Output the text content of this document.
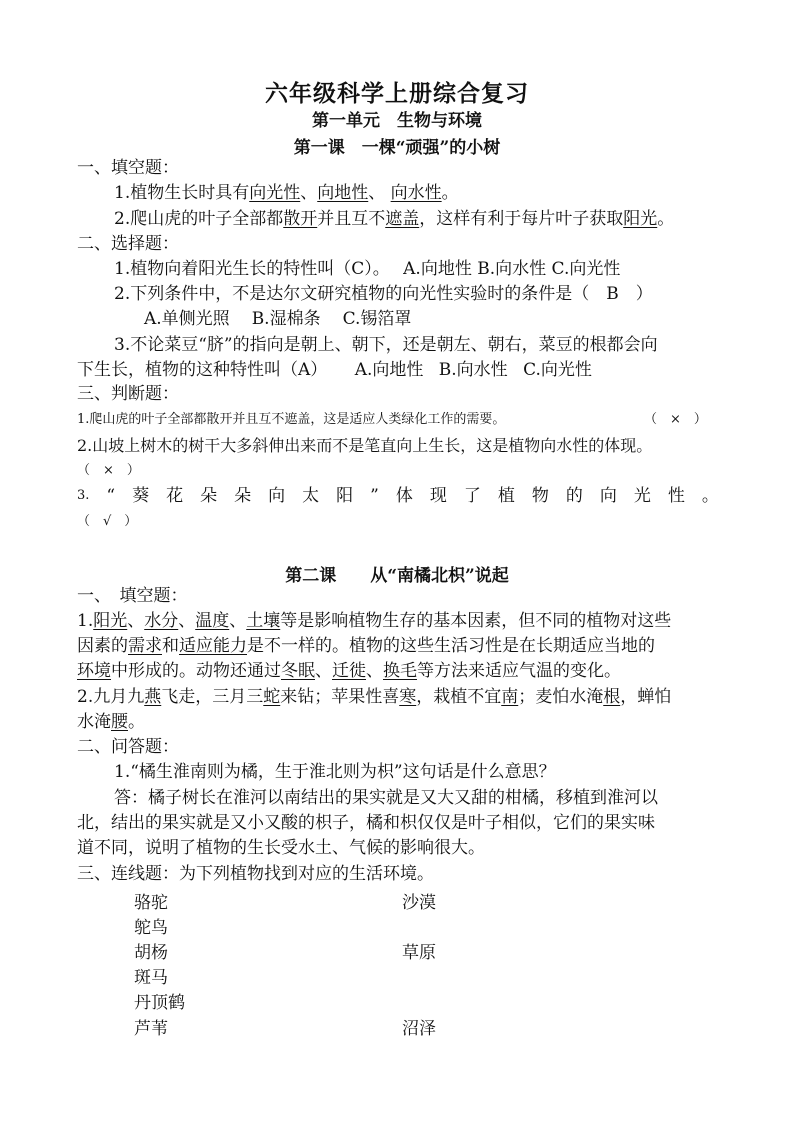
六年级科学上册综合复习
第一单元　生物与环境
第一课　一棵“顽强”的小树
一、填空题：
1.植物生长时具有向光性、向地性、 向水性。
2.爬山虎的叶子全部都散开并且互不遮盖，这样有利于每片叶子获取阳光。
二、选择题：
1.植物向着阳光生长的特性叫（C）。 A.向地性 B.向水性 C.向光性
2.下列条件中，不是达尔文研究植物的向光性实验时的条件是（　B　）
A.单侧光照 B.湿棉条 C.锡箔罩
3.不论菜豆“脐”的指向是朝上、朝下，还是朝左、朝右，菜豆的根都会向
下生长，植物的这种特性叫（A） A.向地性 B.向水性 C.向光性
三、判断题：
1.爬山虎的叶子全部都散开并且互不遮盖，这是适应人类绿化工作的需要。	（　×　）
2.山坡上树木的树干大多斜伸出来而不是笔直向上生长，这是植物向水性的体现。
（　×　）
3. “ 葵 花 朵 朵 向 太 阳 ” 体 现 了 植 物 的 向 光 性 。
（　√　）
第二课　　从“南橘北枳”说起
一、　填空题：
1.阳光、水分、温度、土壤等是影响植物生存的基本因素，但不同的植物对这些
因素的需求和适应能力是不一样的。植物的这些生活习性是在长期适应当地的
环境中形成的。动物还通过冬眠、迁徙、换毛等方法来适应气温的变化。
2.九月九燕飞走，三月三蛇来钻；苹果性喜寒，栽植不宜南；麦怕水淹根，蝉怕
水淹腰。
二、问答题：
1.“橘生淮南则为橘，生于淮北则为枳”这句话是什么意思？
答：橘子树长在淮河以南结出的果实就是又大又甜的柑橘，移植到淮河以
北，结出的果实就是又小又酸的枳子，橘和枳仅仅是叶子相似，它们的果实味
道不同，说明了植物的生长受水土、气候的影响很大。
三、连线题：为下列植物找到对应的生活环境。
骆驼
鸵鸟
胡杨
斑马
丹顶鹤
芦苇
沙漠
草原
沼泽
